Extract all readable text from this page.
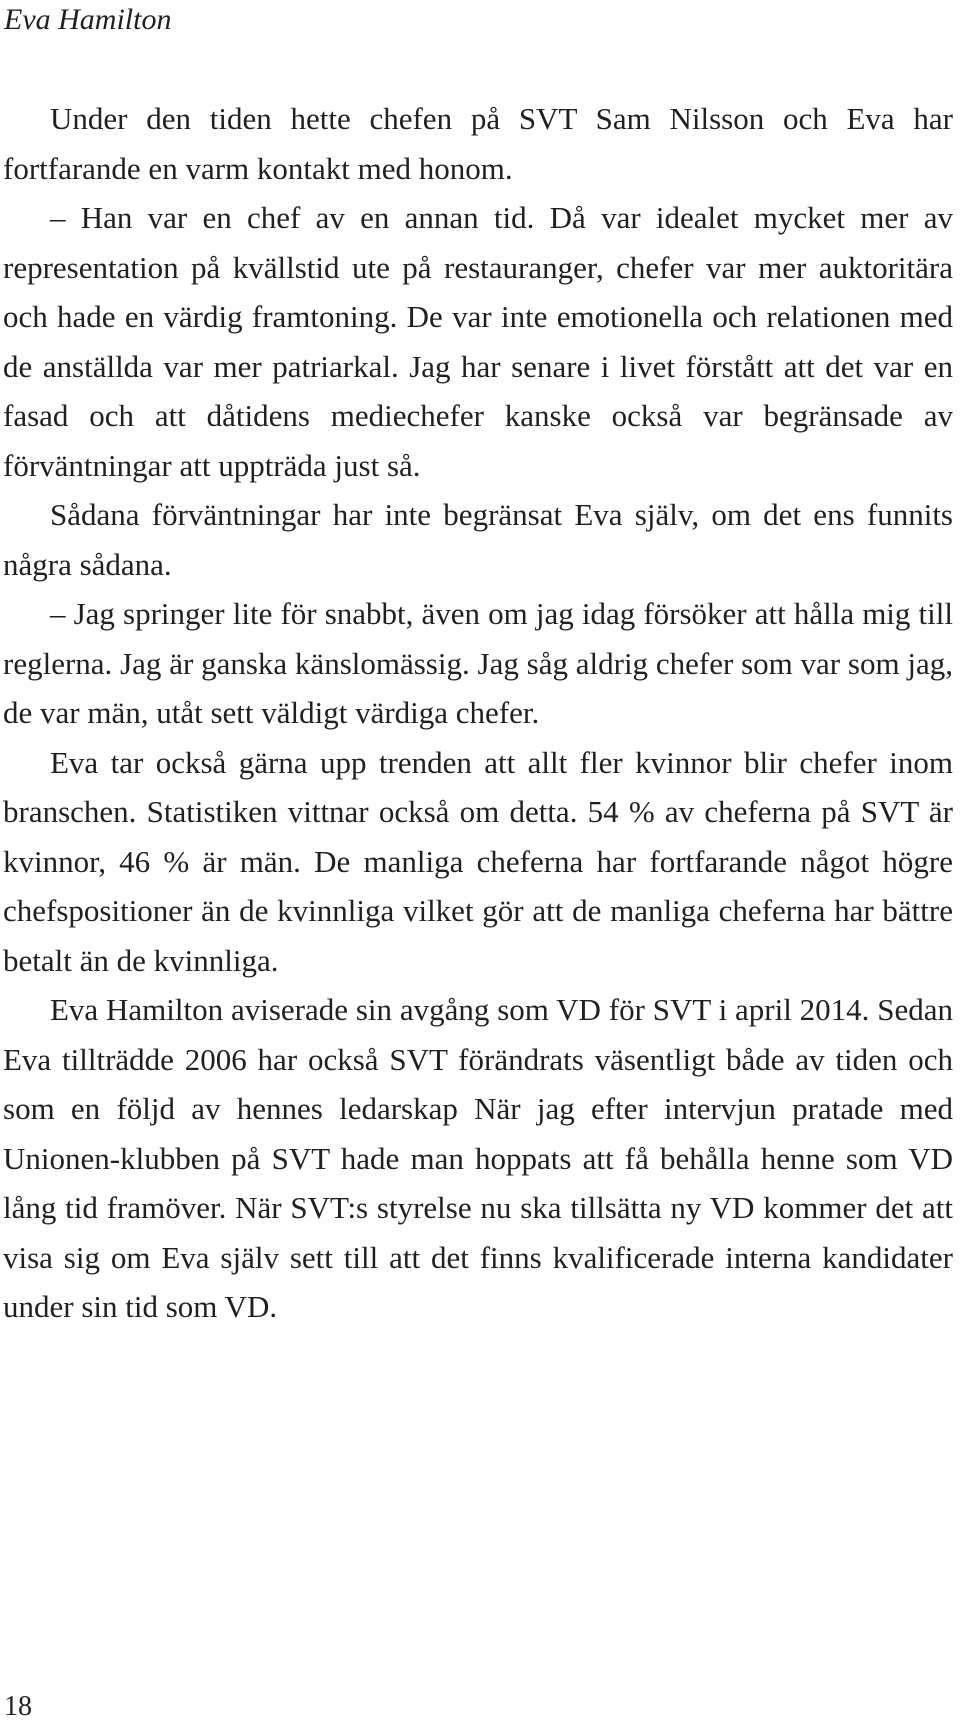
Eva Hamilton

Under den tiden hette chefen på SVT Sam Nilsson och Eva har fortfarande en varm kontakt med honom.

– Han var en chef av en annan tid. Då var idealet mycket mer av representation på kvällstid ute på restauranger, chefer var mer auktoritära och hade en värdig framtoning. De var inte emotionella och relationen med de anställda var mer patriarkal. Jag har senare i livet förstått att det var en fasad och att dåtidens mediechefer kanske också var begränsade av förväntningar att uppträda just så.

Sådana förväntningar har inte begränsat Eva själv, om det ens funnits några sådana.

– Jag springer lite för snabbt, även om jag idag försöker att hålla mig till reglerna. Jag är ganska känslomässig. Jag såg aldrig chefer som var som jag, de var män, utåt sett väldigt värdiga chefer.

Eva tar också gärna upp trenden att allt fler kvinnor blir chefer inom branschen. Statistiken vittnar också om detta. 54 % av cheferna på SVT är kvinnor, 46 % är män. De manliga cheferna har fortfarande något högre chefspositioner än de kvinnliga vilket gör att de manliga cheferna har bättre betalt än de kvinnliga.

Eva Hamilton aviserade sin avgång som VD för SVT i april 2014. Sedan Eva tillträdde 2006 har också SVT förändrats väsentligt både av tiden och som en följd av hennes ledarskap När jag efter intervjun pratade med Unionen-klubben på SVT hade man hoppats att få behålla henne som VD lång tid framöver. När SVT:s styrelse nu ska tillsätta ny VD kommer det att visa sig om Eva själv sett till att det finns kvalificerade interna kandidater under sin tid som VD.

18
